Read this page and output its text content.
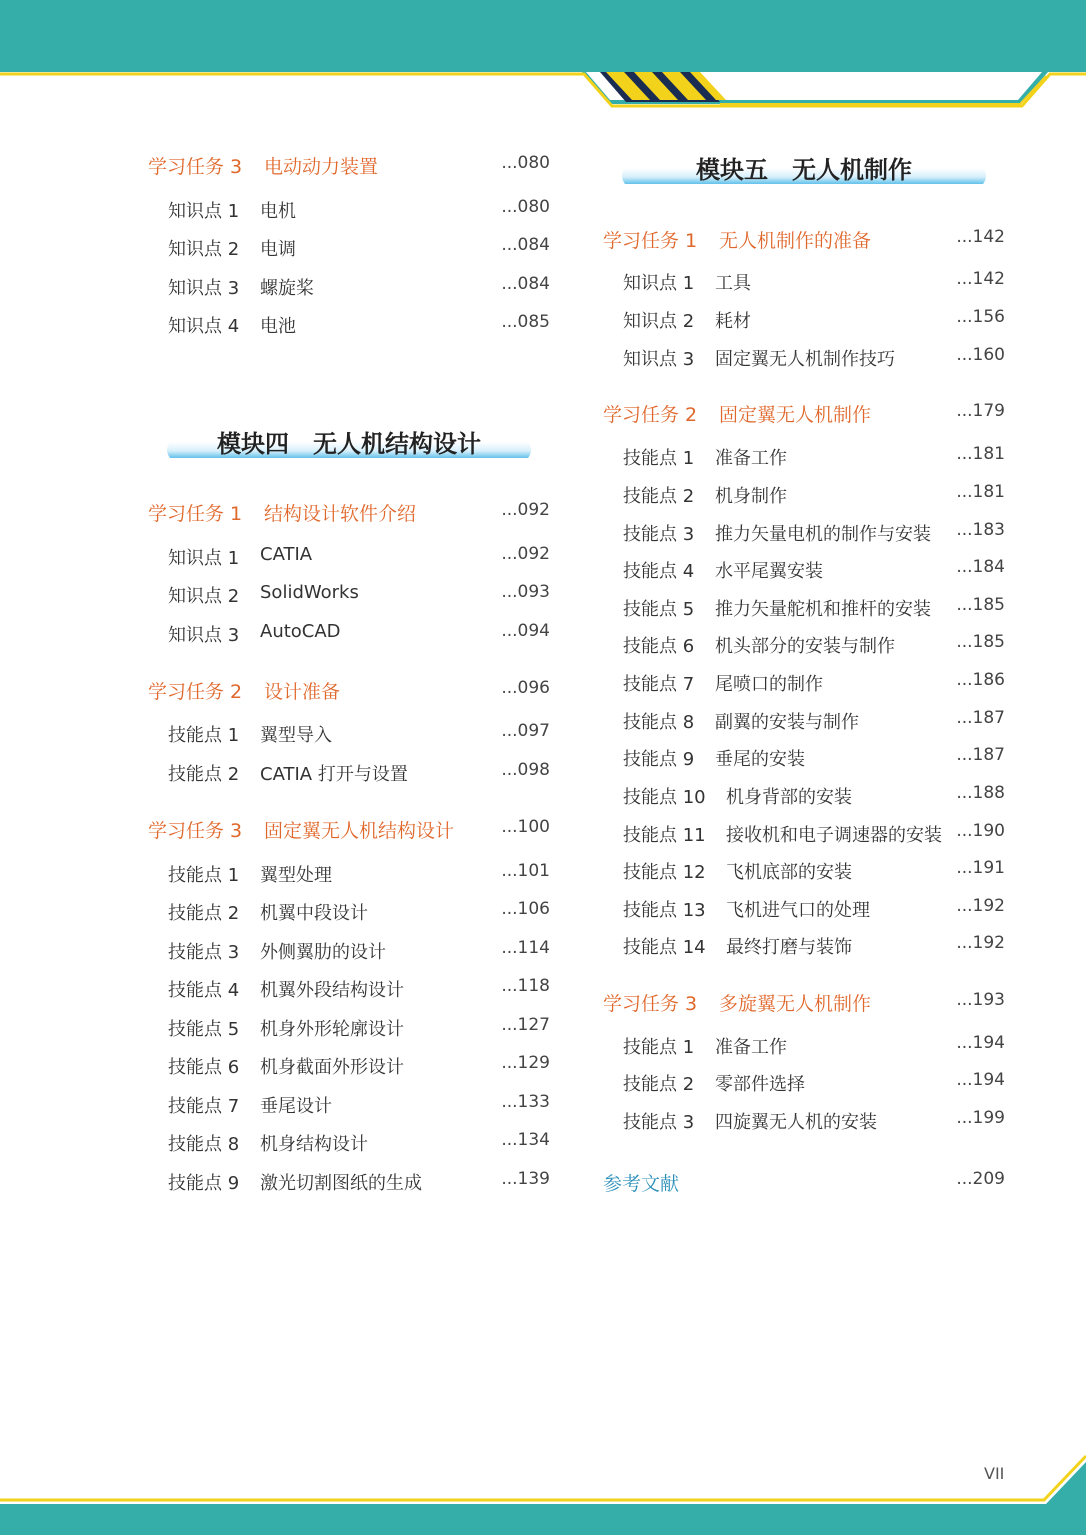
目 录
学习任务 3 电动动力装置	...080
知识点 1 电机	...080
知识点 2 电调	...084
知识点 3 螺旋桨	...084
知识点 4 电池	...085
模块四　无人机结构设计
学习任务 1 结构设计软件介绍	...092
知识点 1 CATIA	...092
知识点 2 SolidWorks	...093
知识点 3 AutoCAD	...094
学习任务 2 设计准备	...096
技能点 1 翼型导入	...097
技能点 2 CATIA 打开与设置	...098
学习任务 3 固定翼无人机结构设计	...100
技能点 1 翼型处理	...101
技能点 2 机翼中段设计	...106
技能点 3 外侧翼肋的设计	...114
技能点 4 机翼外段结构设计	...118
技能点 5 机身外形轮廓设计	...127
技能点 6 机身截面外形设计	...129
技能点 7 垂尾设计	...133
技能点 8 机身结构设计	...134
技能点 9 激光切割图纸的生成	...139
模块五　无人机制作
学习任务 1 无人机制作的准备	...142
知识点 1 工具	...142
知识点 2 耗材	...156
知识点 3 固定翼无人机制作技巧	...160
学习任务 2 固定翼无人机制作	...179
技能点 1 准备工作	...181
技能点 2 机身制作	...181
技能点 3 推力矢量电机的制作与安装 ...183
技能点 4 水平尾翼安装	...184
技能点 5 推力矢量舵机和推杆的安装 ...185
技能点 6 机头部分的安装与制作	...185
技能点 7 尾喷口的制作	...186
技能点 8 副翼的安装与制作	...187
技能点 9 垂尾的安装	...187
技能点 10 机身背部的安装	...188
技能点 11 接收机和电子调速器的安装 ...190
技能点 12 飞机底部的安装	...191
技能点 13 飞机进气口的处理	...192
技能点 14 最终打磨与装饰	...192
学习任务 3 多旋翼无人机制作	...193
技能点 1 准备工作	...194
技能点 2 零部件选择	...194
技能点 3 四旋翼无人机的安装	...199
参考文献	...209
VII
